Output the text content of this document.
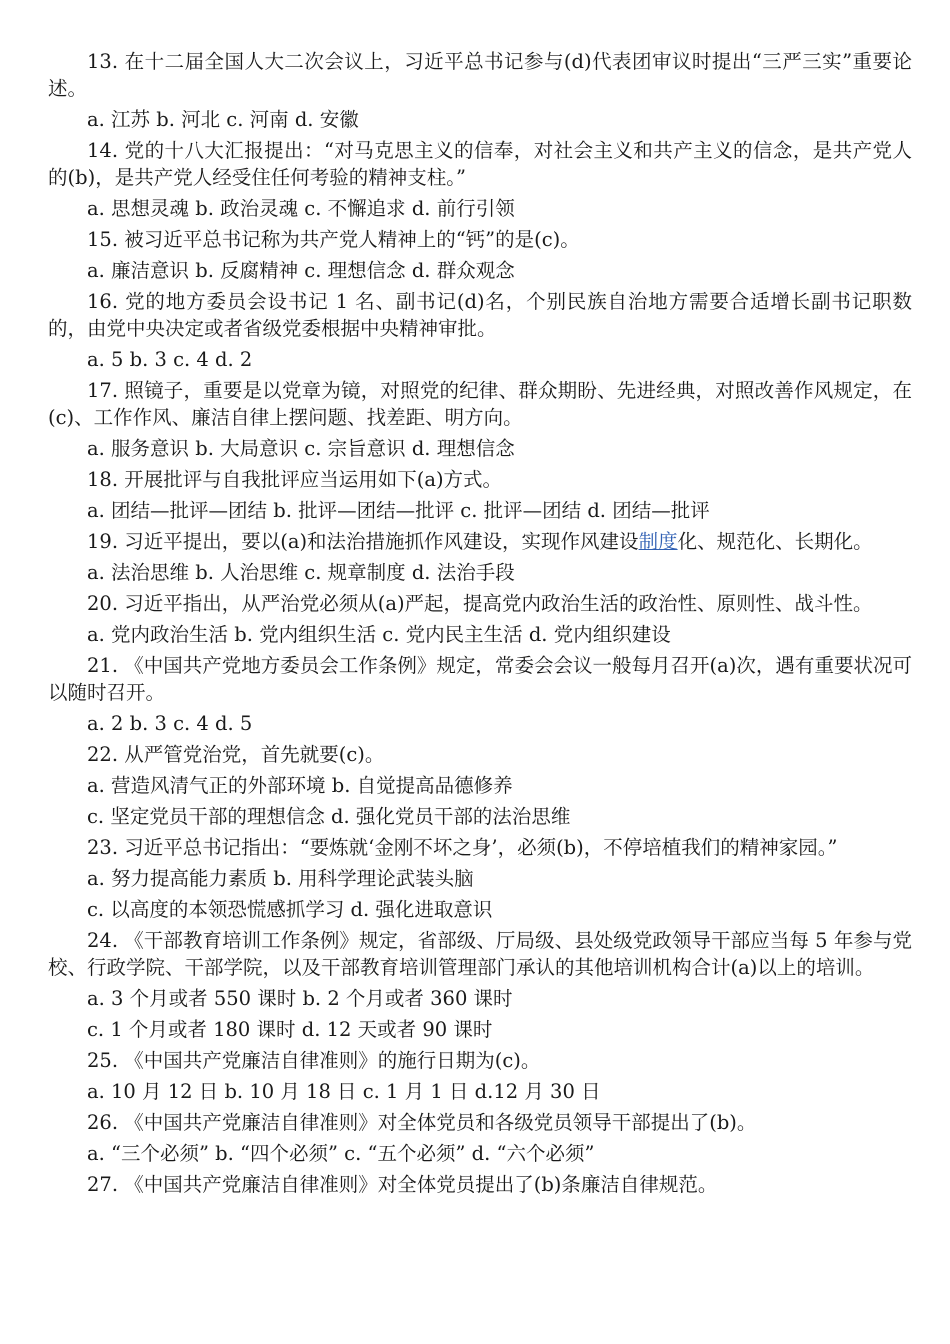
13. 在十二届全国人大二次会议上，习近平总书记参与(d)代表团审议时提出“三严三实”重要论述。

a. 江苏 b. 河北 c. 河南 d. 安徽

14. 党的十八大汇报提出：“对马克思主义的信奉，对社会主义和共产主义的信念，是共产党人的(b)，是共产党人经受住任何考验的精神支柱。”

a. 思想灵魂 b. 政治灵魂 c. 不懈追求 d. 前行引领

15. 被习近平总书记称为共产党人精神上的“钙”的是(c)。

a. 廉洁意识 b. 反腐精神 c. 理想信念 d. 群众观念

16. 党的地方委员会设书记 1 名、副书记(d)名，个别民族自治地方需要合适增长副书记职数的，由党中央决定或者省级党委根据中央精神审批。

a. 5 b. 3 c. 4 d. 2

17. 照镜子，重要是以党章为镜，对照党的纪律、群众期盼、先进经典，对照改善作风规定，在(c)、工作作风、廉洁自律上摆问题、找差距、明方向。

a. 服务意识 b. 大局意识 c. 宗旨意识 d. 理想信念

18. 开展批评与自我批评应当运用如下(a)方式。

a. 团结—批评—团结 b. 批评—团结—批评 c. 批评—团结 d. 团结—批评

19. 习近平提出，要以(a)和法治措施抓作风建设，实现作风建设制度化、规范化、长期化。

a. 法治思维 b. 人治思维 c. 规章制度 d. 法治手段

20. 习近平指出，从严治党必须从(a)严起，提高党内政治生活的政治性、原则性、战斗性。

a. 党内政治生活 b. 党内组织生活 c. 党内民主生活 d. 党内组织建设

21. 《中国共产党地方委员会工作条例》规定，常委会会议一般每月召开(a)次，遇有重要状况可以随时召开。

a. 2 b. 3 c. 4 d. 5

22. 从严管党治党，首先就要(c)。

a. 营造风清气正的外部环境 b. 自觉提高品德修养

c. 坚定党员干部的理想信念 d. 强化党员干部的法治思维

23. 习近平总书记指出：“要炼就‘金刚不坏之身’，必须(b)，不停培植我们的精神家园。”

a. 努力提高能力素质 b. 用科学理论武装头脑

c. 以高度的本领恐慌感抓学习 d. 强化进取意识

24. 《干部教育培训工作条例》规定，省部级、厅局级、县处级党政领导干部应当每 5 年参与党校、行政学院、干部学院，以及干部教育培训管理部门承认的其他培训机构合计(a)以上的培训。

a. 3 个月或者 550 课时 b. 2 个月或者 360 课时

c. 1 个月或者 180 课时 d. 12 天或者 90 课时

25. 《中国共产党廉洁自律准则》的施行日期为(c)。

a. 10 月 12 日 b. 10 月 18 日 c. 1 月 1 日 d.12 月 30 日

26. 《中国共产党廉洁自律准则》对全体党员和各级党员领导干部提出了(b)。

a. “三个必须” b. “四个必须” c. “五个必须” d. “六个必须”

27. 《中国共产党廉洁自律准则》对全体党员提出了(b)条廉洁自律规范。
